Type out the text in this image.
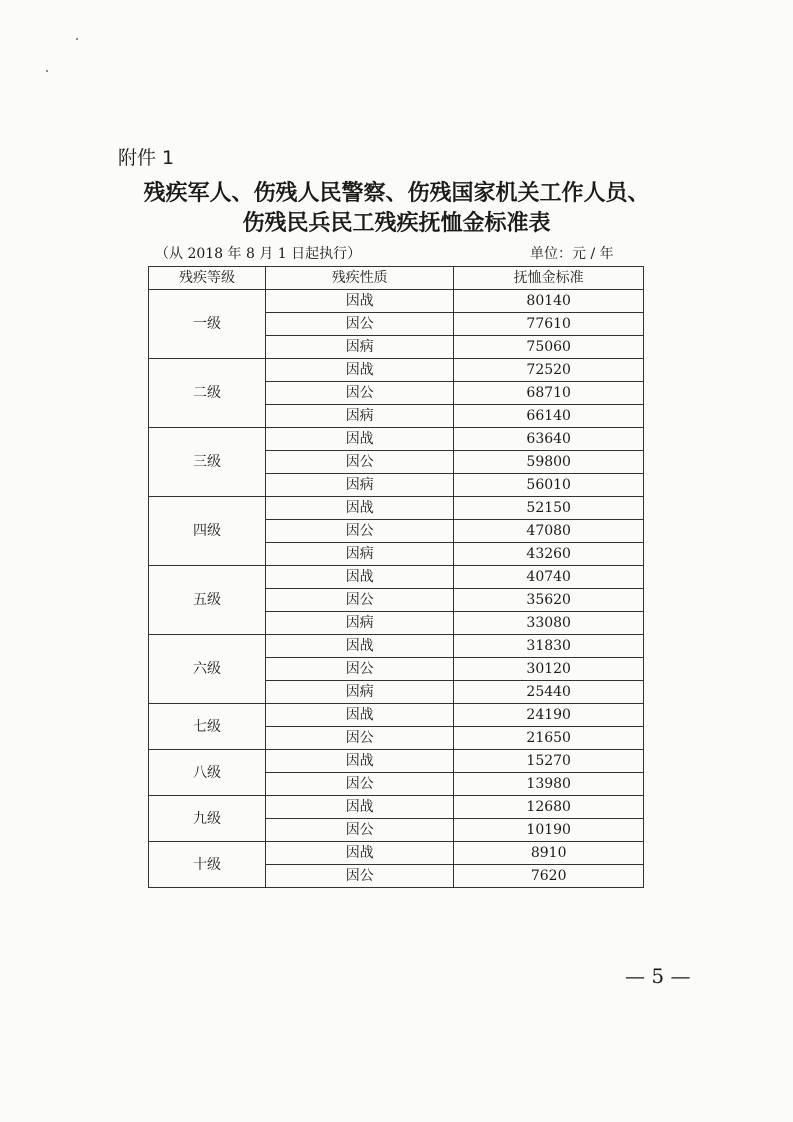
附件 1
残疾军人、伤残人民警察、伤残国家机关工作人员、
伤残民兵民工残疾抚恤金标准表
（从 2018 年 8 月 1 日起执行）	单位：元 / 年
残疾等级	残疾性质	抚恤金标准
一级	因战	80140
	因公	77610
	因病	75060
二级	因战	72520
	因公	68710
	因病	66140
三级	因战	63640
	因公	59800
	因病	56010
四级	因战	52150
	因公	47080
	因病	43260
五级	因战	40740
	因公	35620
	因病	33080
六级	因战	31830
	因公	30120
	因病	25440
七级	因战	24190
	因公	21650
八级	因战	15270
	因公	13980
九级	因战	12680
	因公	10190
十级	因战	8910
	因公	7620
— 5 —
